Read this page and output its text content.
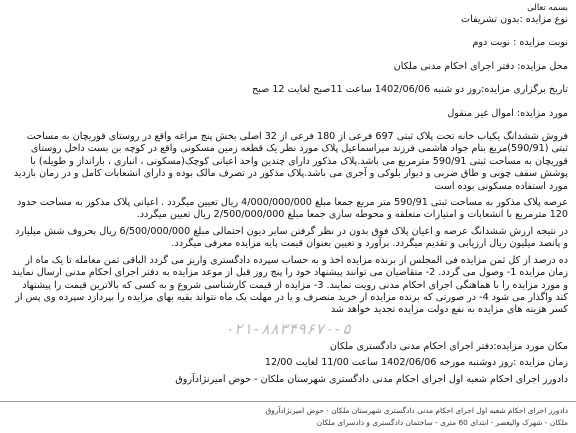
بسمه تعالی

نوع مزایده :بدون تشریفات

نوبت مزایده : نوبت دوم

محل مزایده: دفتر اجرای احکام مدنی ملکان

تاریخ برگزاری مزایده:روز دو شنبه 1402/06/06 ساعت 11صبح لغایت 12 صبح

مورد مزایده: اموال غیر منقول

فروش ششدانگ یکباب خانه تحت پلاک ثبتی 697 فرعی از 180 فرعی از 32 اصلی بخش پنج مراغه واقع در روستای قوریچان به مساحت ثبتی (590/91)مربع بنام جواد هاشمی فرزند میراسماعیل پلاک مورد نظر یک قطعه زمین مسکونی واقع در کوچه بن بست داخل روستای قوریچان به مساحت ثبتی 590/91 مترمربع می باشد.پلاک مذکور دارای چندین واحد اعیانی کوچک(مسکونی ، انباری ، بارانداز و طویله) با پوشش سقف چوبی و طاق ضربی و دیوار بلوکی و آجری می باشد.پلاک مذکور در تصرف مالک بوده و دارای انشعابات کامل و در زمان بازدید مورد استفاده مسکونی بوده است

عرصه پلاک مذکور به مساحت ثبتی 590/91 متر مربع جمعا مبلغ 4/000/000/000 ریال تعیین میگردد . اعیانی پلاک مذکور به مساحت حدود 120 مترمربع با انشعابات و امتیازات متعلقه و محوطه سازی جمعا مبلغ 2/500/000/000 ریال تعیین میگردد.

در نتیجه ارزش ششدانگ عرصه و اعیان پلاک فوق بدون در نظر گرفتن سایر دیون احتمالی مبلغ 6/500/000/000 ریال بحروف شش میلیارد و پانصد میلیون ریال ارزیابی و تقدیم میگردد. برآورد و تعیین بعنوان قیمت پایه مزایده معرفی میگردد.

ده درصد از کل ثمن مزایده فی المجلس از برنده مزایده اخذ و به حساب سپرده دادگستری واریز می گردد الباقی ثمن معامله تا یک ماه از زمان مزایده 1- وصول می گردد. 2- متقاضیان می توانند پیشنهاد خود را پنج روز قبل از موعد مزایده به دفتر اجرای احکام مدنی ارسال نمایند و مورد مزایده را با هماهنگی اجرای احکام مدنی رویت نمایند. 3- مزایده از قیمت کارشناسی شروع و به کسی که بالاترین قیمت را پیشنهاد کند واگذار می شود 4- در صورتی که برنده مزایده از خرید منصرف و یا در مهلت یک ماه نتواند بقیه بهای مزایده را بپردازد سپرده وی پس از کسر هزینه های مزایده به نفع دولت مزایده تجدید خواهد شد

۰۲۱-۸۸۳۴۹۶۷۰-۵

مکان مورد مزایده:دفتر اجرای احکام مدنی دادگستری ملکان

زمان مزایده :روز دوشنبه مورخه 1402/06/06 ساعت 11/00 لغایت 12/00

دادورز اجرای احکام شعبه اول اجرای احکام مدنی دادگستری شهرستان ملکان - حوض امیرنژادآروق

دادورز اجرای احکام شعبه اول اجرای احکام مدنی دادگستری شهرستان ملکان - حوض امیرنژادآروق

ملکان - شهرک والیعصر - ابتدای 60 متری - ساختمان دادگستری و دادسرای ملکان
